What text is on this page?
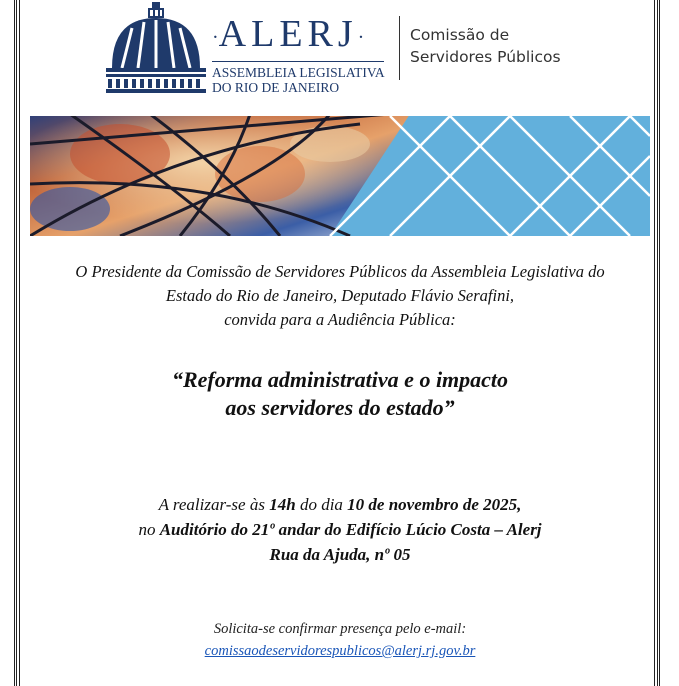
·ALERJ·
ASSEMBLEIA LEGISLATIVA
DO RIO DE JANEIRO
Comissão de
Servidores Públicos
O Presidente da Comissão de Servidores Públicos da Assembleia Legislativa do
Estado do Rio de Janeiro, Deputado Flávio Serafini,
convida para a Audiência Pública:
“Reforma administrativa e o impacto
aos servidores do estado”
A realizar-se às 14h do dia 10 de novembro de 2025,
no Auditório do 21º andar do Edifício Lúcio Costa – Alerj
Rua da Ajuda, nº 05
Solicita-se confirmar presença pelo e-mail:
comissaodeservidorespublicos@alerj.rj.gov.br
